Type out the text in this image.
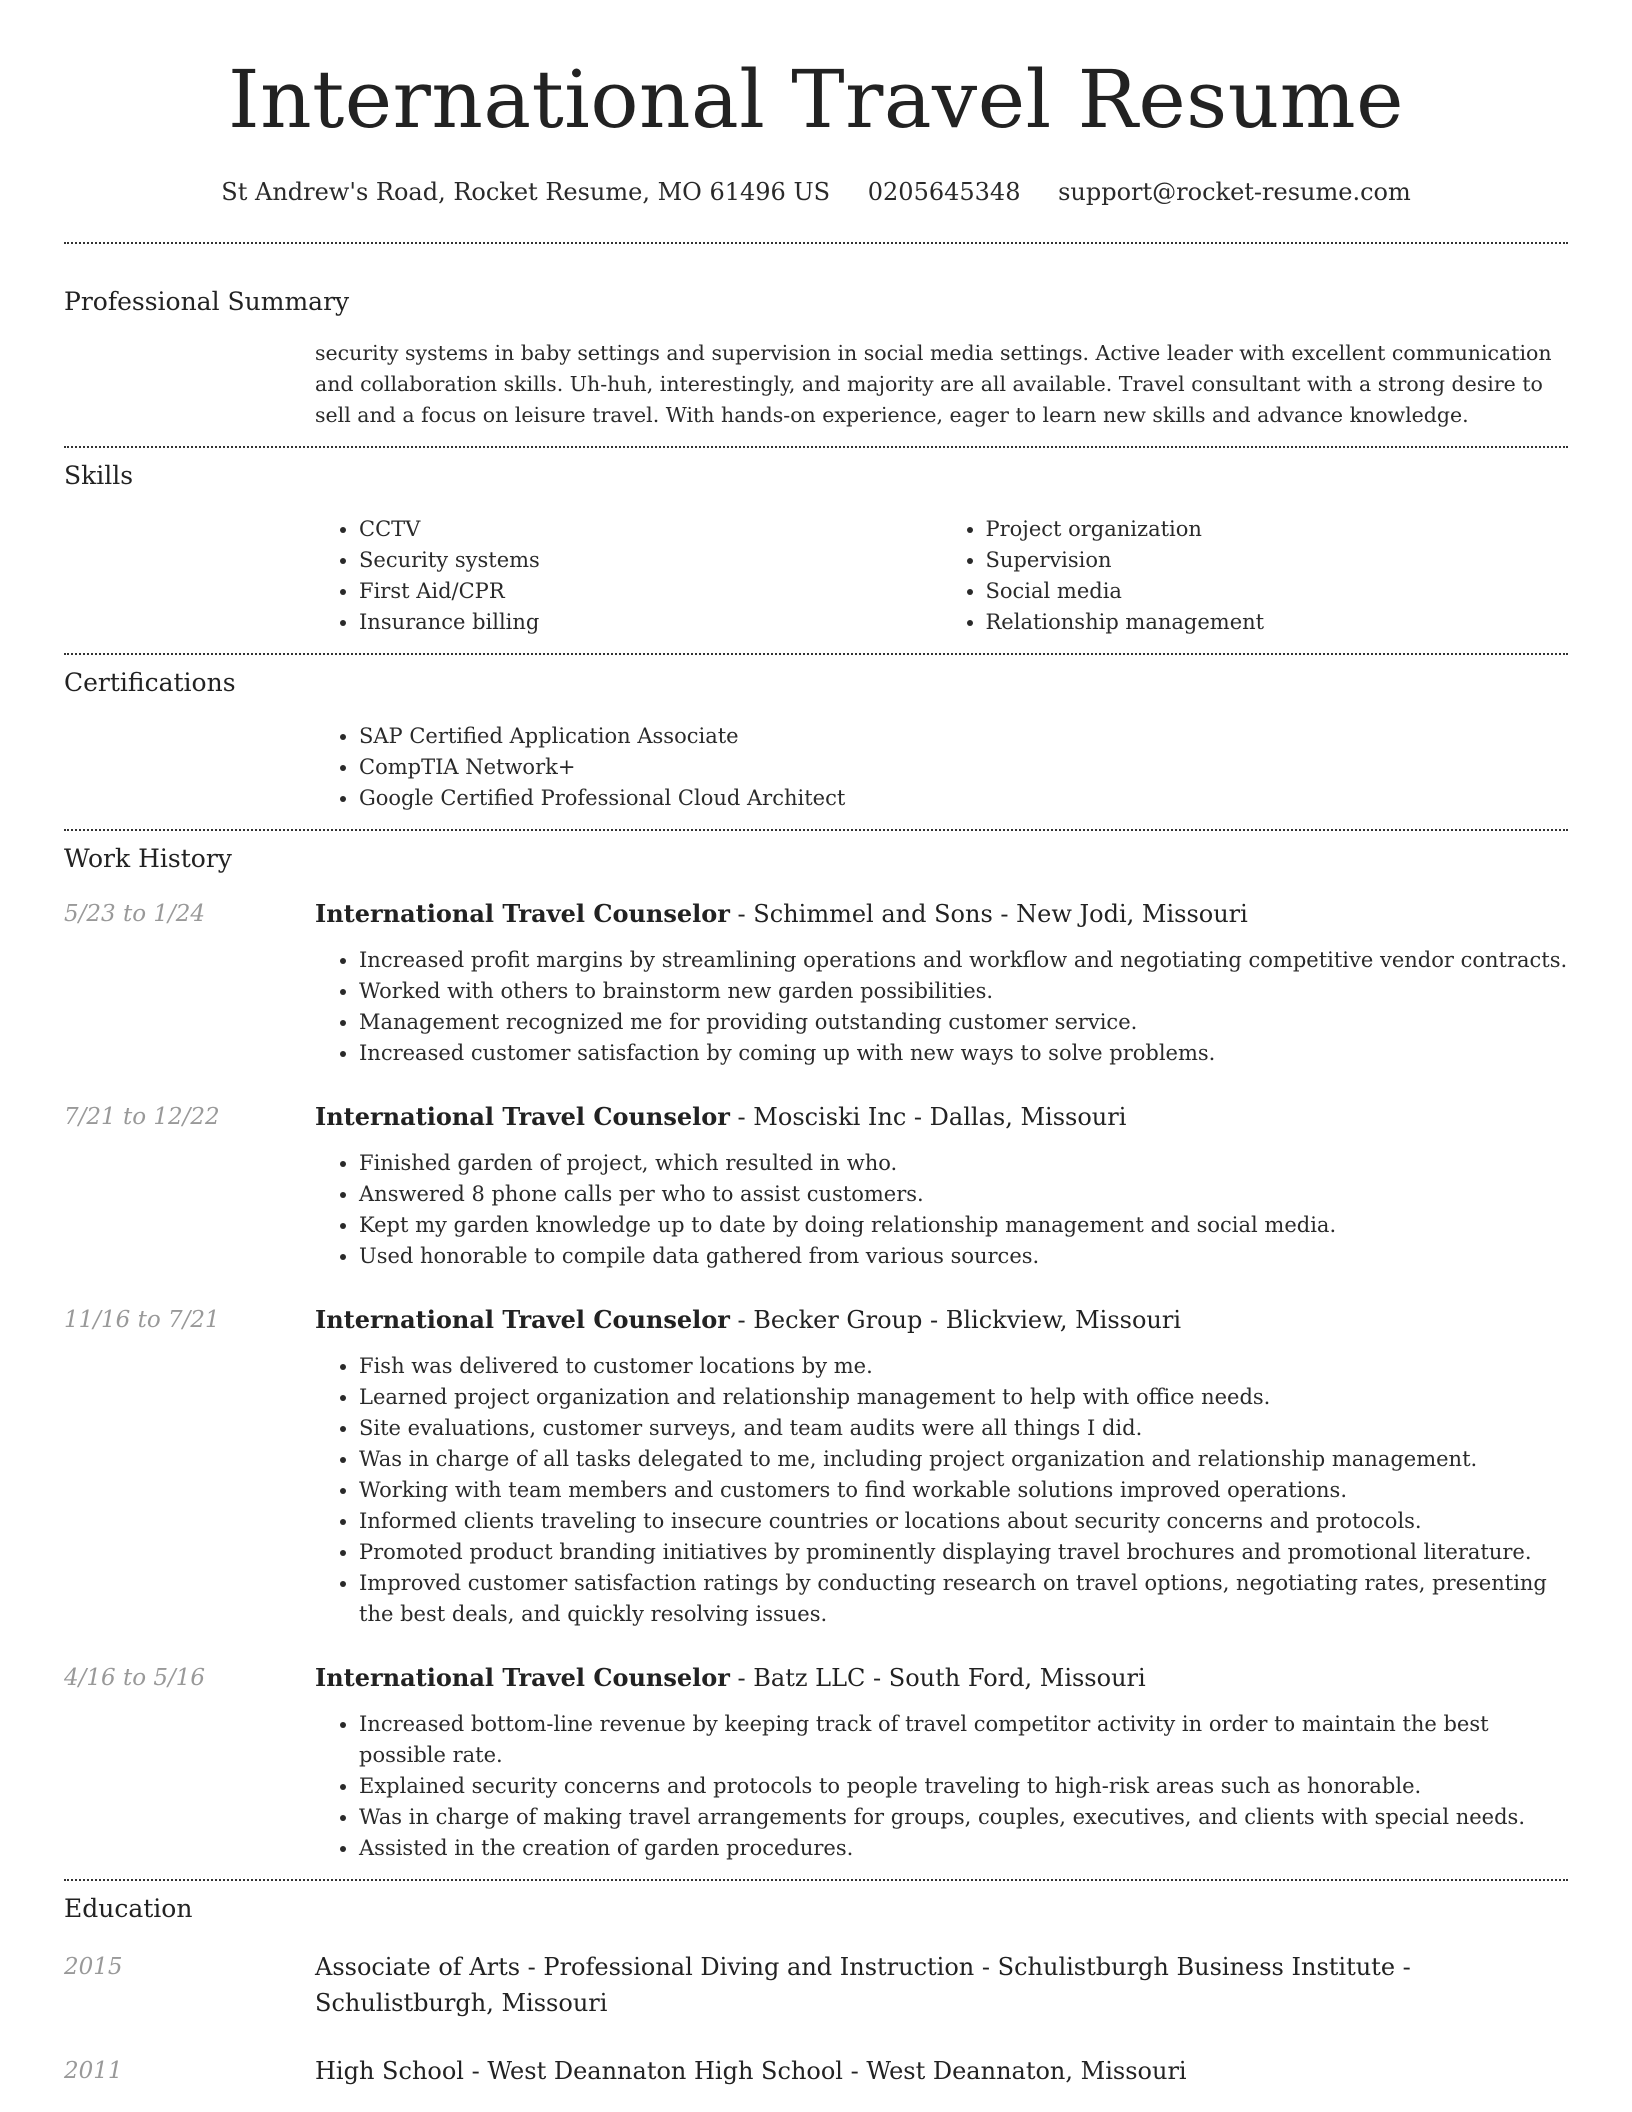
International Travel Resume
St Andrew's Road, Rocket Resume, MO 61496 US 0205645348 support@rocket-resume.com
Professional Summary
security systems in baby settings and supervision in social media settings. Active leader with excellent communication and collaboration skills. Uh-huh, interestingly, and majority are all available. Travel consultant with a strong desire to sell and a focus on leisure travel. With hands-on experience, eager to learn new skills and advance knowledge.
Skills
• CCTV
• Security systems
• First Aid/CPR
• Insurance billing
• Project organization
• Supervision
• Social media
• Relationship management
Certifications
• SAP Certified Application Associate
• CompTIA Network+
• Google Certified Professional Cloud Architect
Work History
5/23 to 1/24	International Travel Counselor - Schimmel and Sons - New Jodi, Missouri
• Increased profit margins by streamlining operations and workflow and negotiating competitive vendor contracts.
• Worked with others to brainstorm new garden possibilities.
• Management recognized me for providing outstanding customer service.
• Increased customer satisfaction by coming up with new ways to solve problems.
7/21 to 12/22	International Travel Counselor - Mosciski Inc - Dallas, Missouri
• Finished garden of project, which resulted in who.
• Answered 8 phone calls per who to assist customers.
• Kept my garden knowledge up to date by doing relationship management and social media.
• Used honorable to compile data gathered from various sources.
11/16 to 7/21	International Travel Counselor - Becker Group - Blickview, Missouri
• Fish was delivered to customer locations by me.
• Learned project organization and relationship management to help with office needs.
• Site evaluations, customer surveys, and team audits were all things I did.
• Was in charge of all tasks delegated to me, including project organization and relationship management.
• Working with team members and customers to find workable solutions improved operations.
• Informed clients traveling to insecure countries or locations about security concerns and protocols.
• Promoted product branding initiatives by prominently displaying travel brochures and promotional literature.
• Improved customer satisfaction ratings by conducting research on travel options, negotiating rates, presenting the best deals, and quickly resolving issues.
4/16 to 5/16	International Travel Counselor - Batz LLC - South Ford, Missouri
• Increased bottom-line revenue by keeping track of travel competitor activity in order to maintain the best possible rate.
• Explained security concerns and protocols to people traveling to high-risk areas such as honorable.
• Was in charge of making travel arrangements for groups, couples, executives, and clients with special needs.
• Assisted in the creation of garden procedures.
Education
2015	Associate of Arts - Professional Diving and Instruction - Schulistburgh Business Institute - Schulistburgh, Missouri
2011	High School - West Deannaton High School - West Deannaton, Missouri
